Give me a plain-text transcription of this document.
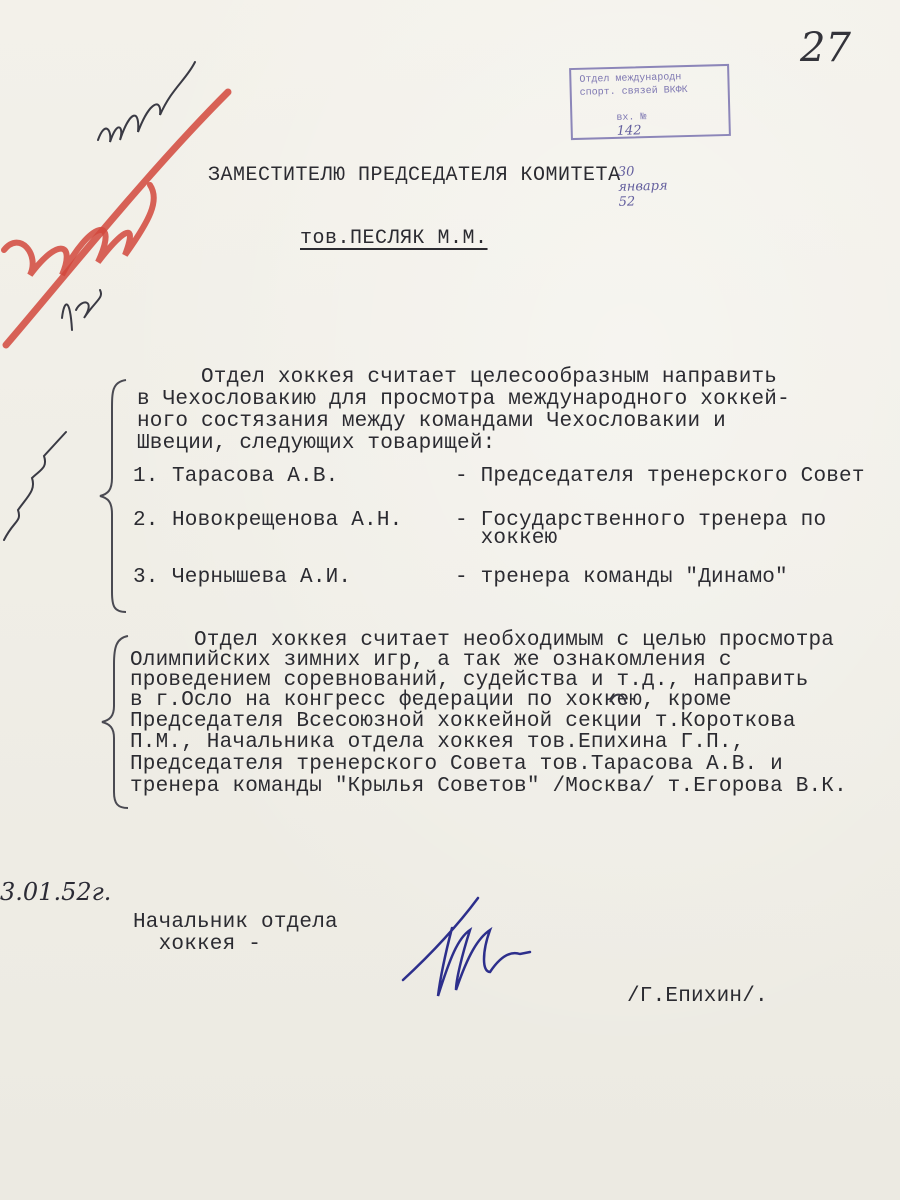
27
Отдел международн
спорт. связей ВКФК

вх. №
142

30
января
52

ЗАМЕСТИТЕЛЮ ПРЕДСЕДАТЕЛЯ КОМИТЕТА
тов.ПЕСЛЯК М.М.
Отдел хоккея считает целесообразным направить
в Чехословакию для просмотра международного хоккей-
ного состязания между командами Чехословакии и
Швеции, следующих товарищей:
1. Тарасова А.В.	- Председателя тренерского Совет
2. Новокрещенова А.Н.	- Государственного тренера по
хоккею
3. Чернышева А.И.	- тренера команды "Динамо"
Отдел хоккея считает необходимым с целью просмотра
Олимпийских зимних игр, а так же ознакомления с
проведением соревнований, судейства и т.д., направить
в г.Осло на конгресс федерации по хоккею, кроме
Председателя Всесоюзной хоккейной секции т.Короткова
П.М., Начальника отдела хоккея тов.Епихина Г.П.,
Председателя тренерского Совета тов.Тарасова А.В. и
тренера команды "Крылья Советов" /Москва/ т.Егорова В.К.
3.01.52г.
Начальник отдела
хоккея -
/Г.Епихин/.
